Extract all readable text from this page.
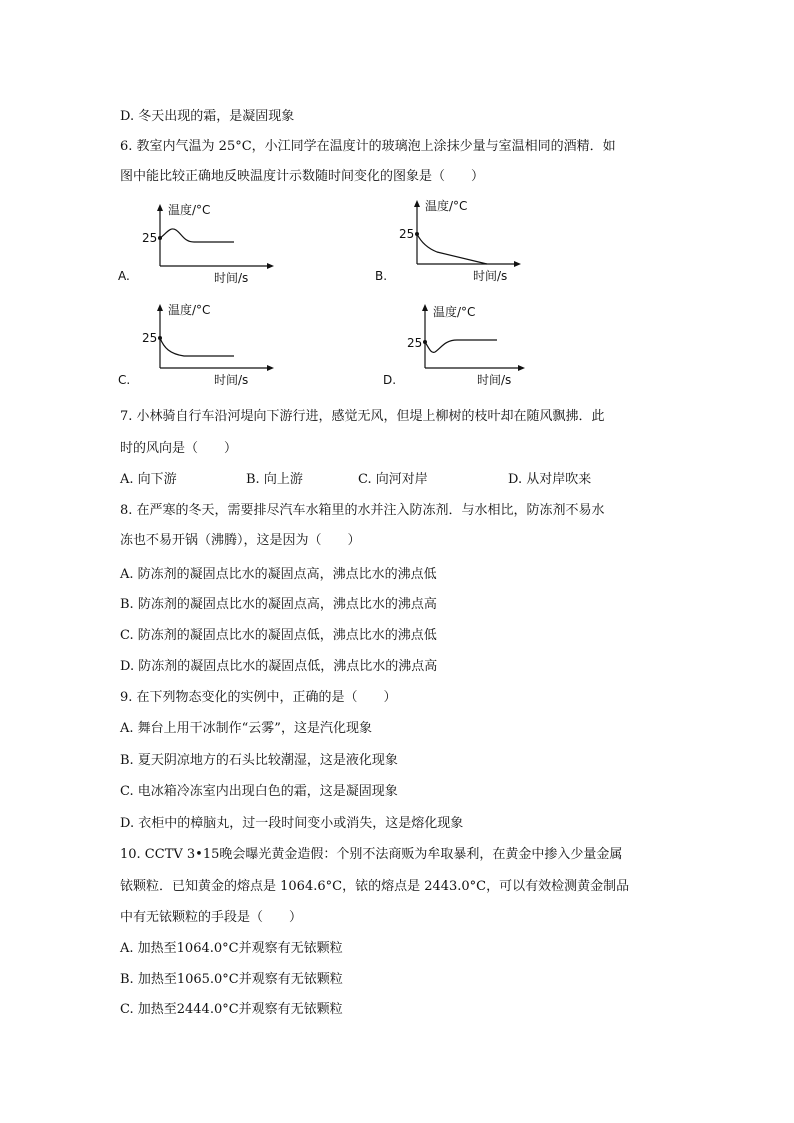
D. 冬天出现的霜，是凝固现象
6. 教室内气温为 25°C，小江同学在温度计的玻璃泡上涂抹少量与室温相同的酒精．如
图中能比较正确地反映温度计示数随时间变化的图象是（　　）
A.
温度/°C
25
时间/s	B.
温度/°C
25
时间/s
C.
温度/°C
25
时间/s	D.
温度/°C
25
时间/s
7. 小林骑自行车沿河堤向下游行进，感觉无风，但堤上柳树的枝叶却在随风飘拂．此
时的风向是（　　）
A. 向下游	B. 向上游	C. 向河对岸	D. 从对岸吹来
8. 在严寒的冬天，需要排尽汽车水箱里的水并注入防冻剂．与水相比，防冻剂不易水
冻也不易开锅（沸腾），这是因为（　　）
A. 防冻剂的凝固点比水的凝固点高，沸点比水的沸点低
B. 防冻剂的凝固点比水的凝固点高，沸点比水的沸点高
C. 防冻剂的凝固点比水的凝固点低，沸点比水的沸点低
D. 防冻剂的凝固点比水的凝固点低，沸点比水的沸点高
9. 在下列物态变化的实例中，正确的是（　　）
A. 舞台上用干冰制作“云雾”，这是汽化现象
B. 夏天阴凉地方的石头比较潮湿，这是液化现象
C. 电冰箱冷冻室内出现白色的霜，这是凝固现象
D. 衣柜中的樟脑丸，过一段时间变小或消失，这是熔化现象
10. CCTV 3•15晚会曝光黄金造假：个别不法商贩为牟取暴利，在黄金中掺入少量金属
铱颗粒．已知黄金的熔点是 1064.6°C，铱的熔点是 2443.0°C，可以有效检测黄金制品
中有无铱颗粒的手段是（　　）
A. 加热至1064.0°C并观察有无铱颗粒
B. 加热至1065.0°C并观察有无铱颗粒
C. 加热至2444.0°C并观察有无铱颗粒
